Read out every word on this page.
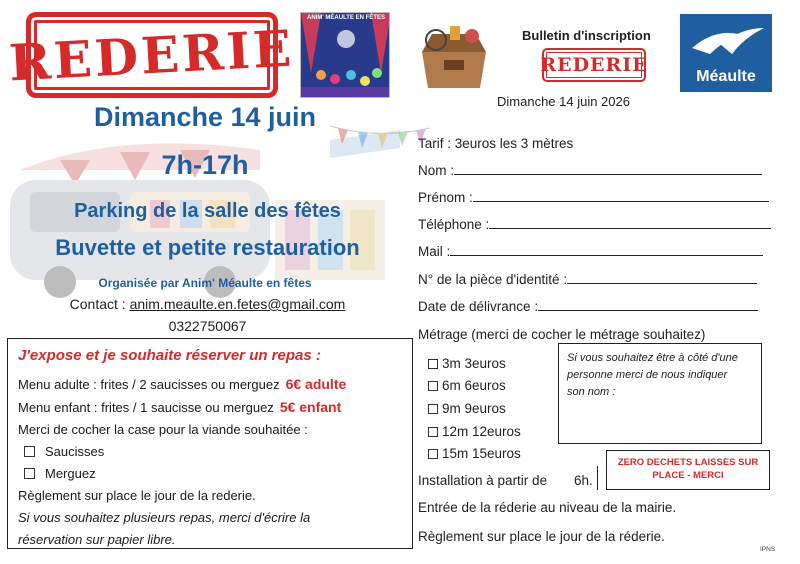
REDERIE
ANIM' MÉAULTE EN FÊTES
Dimanche 14 juin
7h-17h
Parking de la salle des fêtes
Buvette et petite restauration
Organisée par Anim' Méaulte en fêtes
Contact : anim.meaulte.en.fetes@gmail.com
0322750067
J'expose et je souhaite réserver un repas :
Menu adulte : frites / 2 saucisses ou merguez 6€ adulte
Menu enfant : frites / 1 saucisse ou merguez 5€ enfant
Merci de cocher la case pour la viande souhaitée :
Saucisses
Merguez
Règlement sur place le jour de la rederie.
Si vous souhaitez plusieurs repas, merci d'écrire la
réservation sur papier libre.
Bulletin d'inscription
REDERIE
Méaulte
Dimanche 14 juin 2026
Tarif : 3euros les 3 mètres
Nom :
Prénom :
Téléphone :
Mail :
N° de la pièce d'identité :
Date de délivrance :
Métrage (merci de cocher le métrage souhaitez)
3m 3euros
6m 6euros
9m 9euros
12m 12euros
15m 15euros
Si vous souhaitez être à côté d'une
personne merci de nous indiquer
son nom :
Installation à partir de 6h.
ZERO DECHETS LAISSES SUR
PLACE - MERCI
Entrée de la réderie au niveau de la mairie.
Règlement sur place le jour de la réderie.
IPNS
